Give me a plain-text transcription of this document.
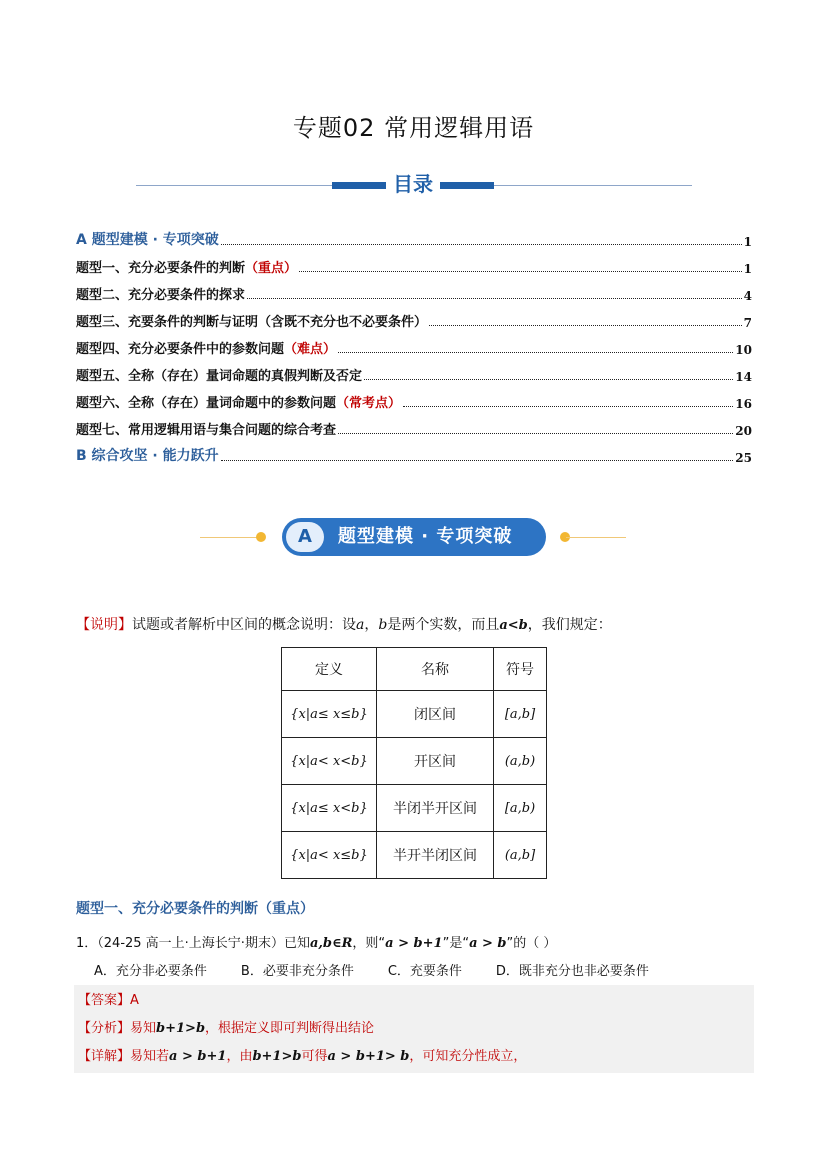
专题02 常用逻辑用语
目录
A 题型建模 · 专项突破	1
题型一、充分必要条件的判断 （重点）	1
题型二、充分必要条件的探求	4
题型三、充要条件的判断与证明（含既不充分也不必要条件）	7
题型四、充分必要条件中的参数问题 （难点）	10
题型五、全称（存在）量词命题的真假判断及否定	14
题型六、全称（存在）量词命题中的参数问题 （常考点）	16
题型七、常用逻辑用语与集合问题的综合考查	20
B 综合攻坚 · 能力跃升	25
A	题型建模 · 专项突破
【说明】试题或者解析中区间的概念说明：设a，b是两个实数，而且a<b，我们规定：
定义	名称	符号
{x|a≤ x≤b}	闭区间	[a,b]
{x|a< x<b}	开区间	(a,b)
{x|a≤ x<b}	半闭半开区间	[a,b)
{x|a< x≤b}	半开半闭区间	(a,b]
题型一、充分必要条件的判断（重点）
1．（24-25 高一上·上海长宁·期末）已知a,b∈R，则“a > b+1”是“a > b”的（ ）
A．充分非必要条件	B．必要非充分条件	C．充要条件	D．既非充分也非必要条件
【答案】A
【分析】易知b+1>b，根据定义即可判断得出结论
【详解】易知若a > b+1，由b+1>b可得a > b+1> b，可知充分性成立，
